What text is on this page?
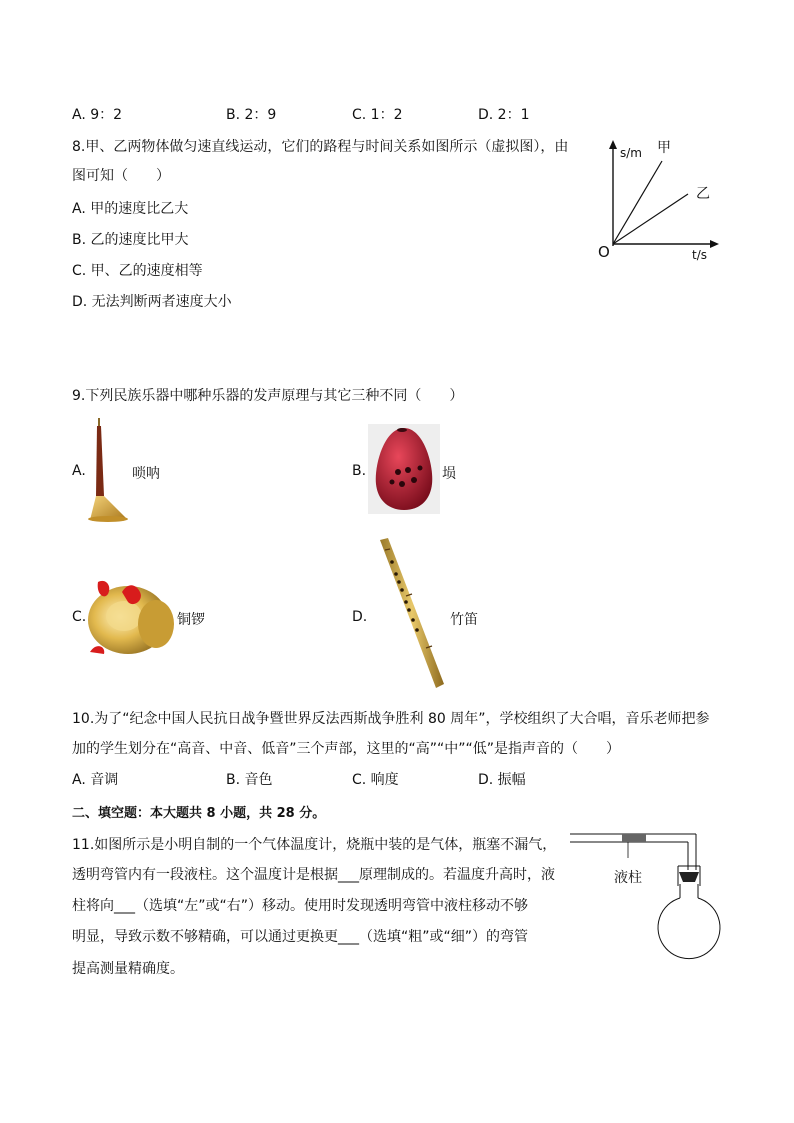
A. 9：2	B. 2：9	C. 1：2	D. 2：1
8.甲、乙两物体做匀速直线运动，它们的路程与时间关系如图所示（虚拟图），由
图可知（　　）
A. 甲的速度比乙大
B. 乙的速度比甲大
C. 甲、乙的速度相等
D. 无法判断两者速度大小
s/m 甲
乙
O	t/s
9.下列民族乐器中哪种乐器的发声原理与其它三种不同（　　）
A.	唢呐	B.	埙
C.	铜锣	D.	竹笛
10.为了“纪念中国人民抗日战争暨世界反法西斯战争胜利 80 周年”，学校组织了大合唱，音乐老师把参
加的学生划分在“高音、中音、低音”三个声部，这里的“高”“中”“低”是指声音的（　　）
A. 音调	B. 音色	C. 响度	D. 振幅
二、填空题：本大题共 8 小题，共 28 分。
11.如图所示是小明自制的一个气体温度计，烧瓶中装的是气体，瓶塞不漏气，
透明弯管内有一段液柱。这个温度计是根据___原理制成的。若温度升高时，液
柱将向___（选填“左”或“右”）移动。使用时发现透明弯管中液柱移动不够
明显，导致示数不够精确，可以通过更换更___（选填“粗”或“细”）的弯管
提高测量精确度。
液柱
